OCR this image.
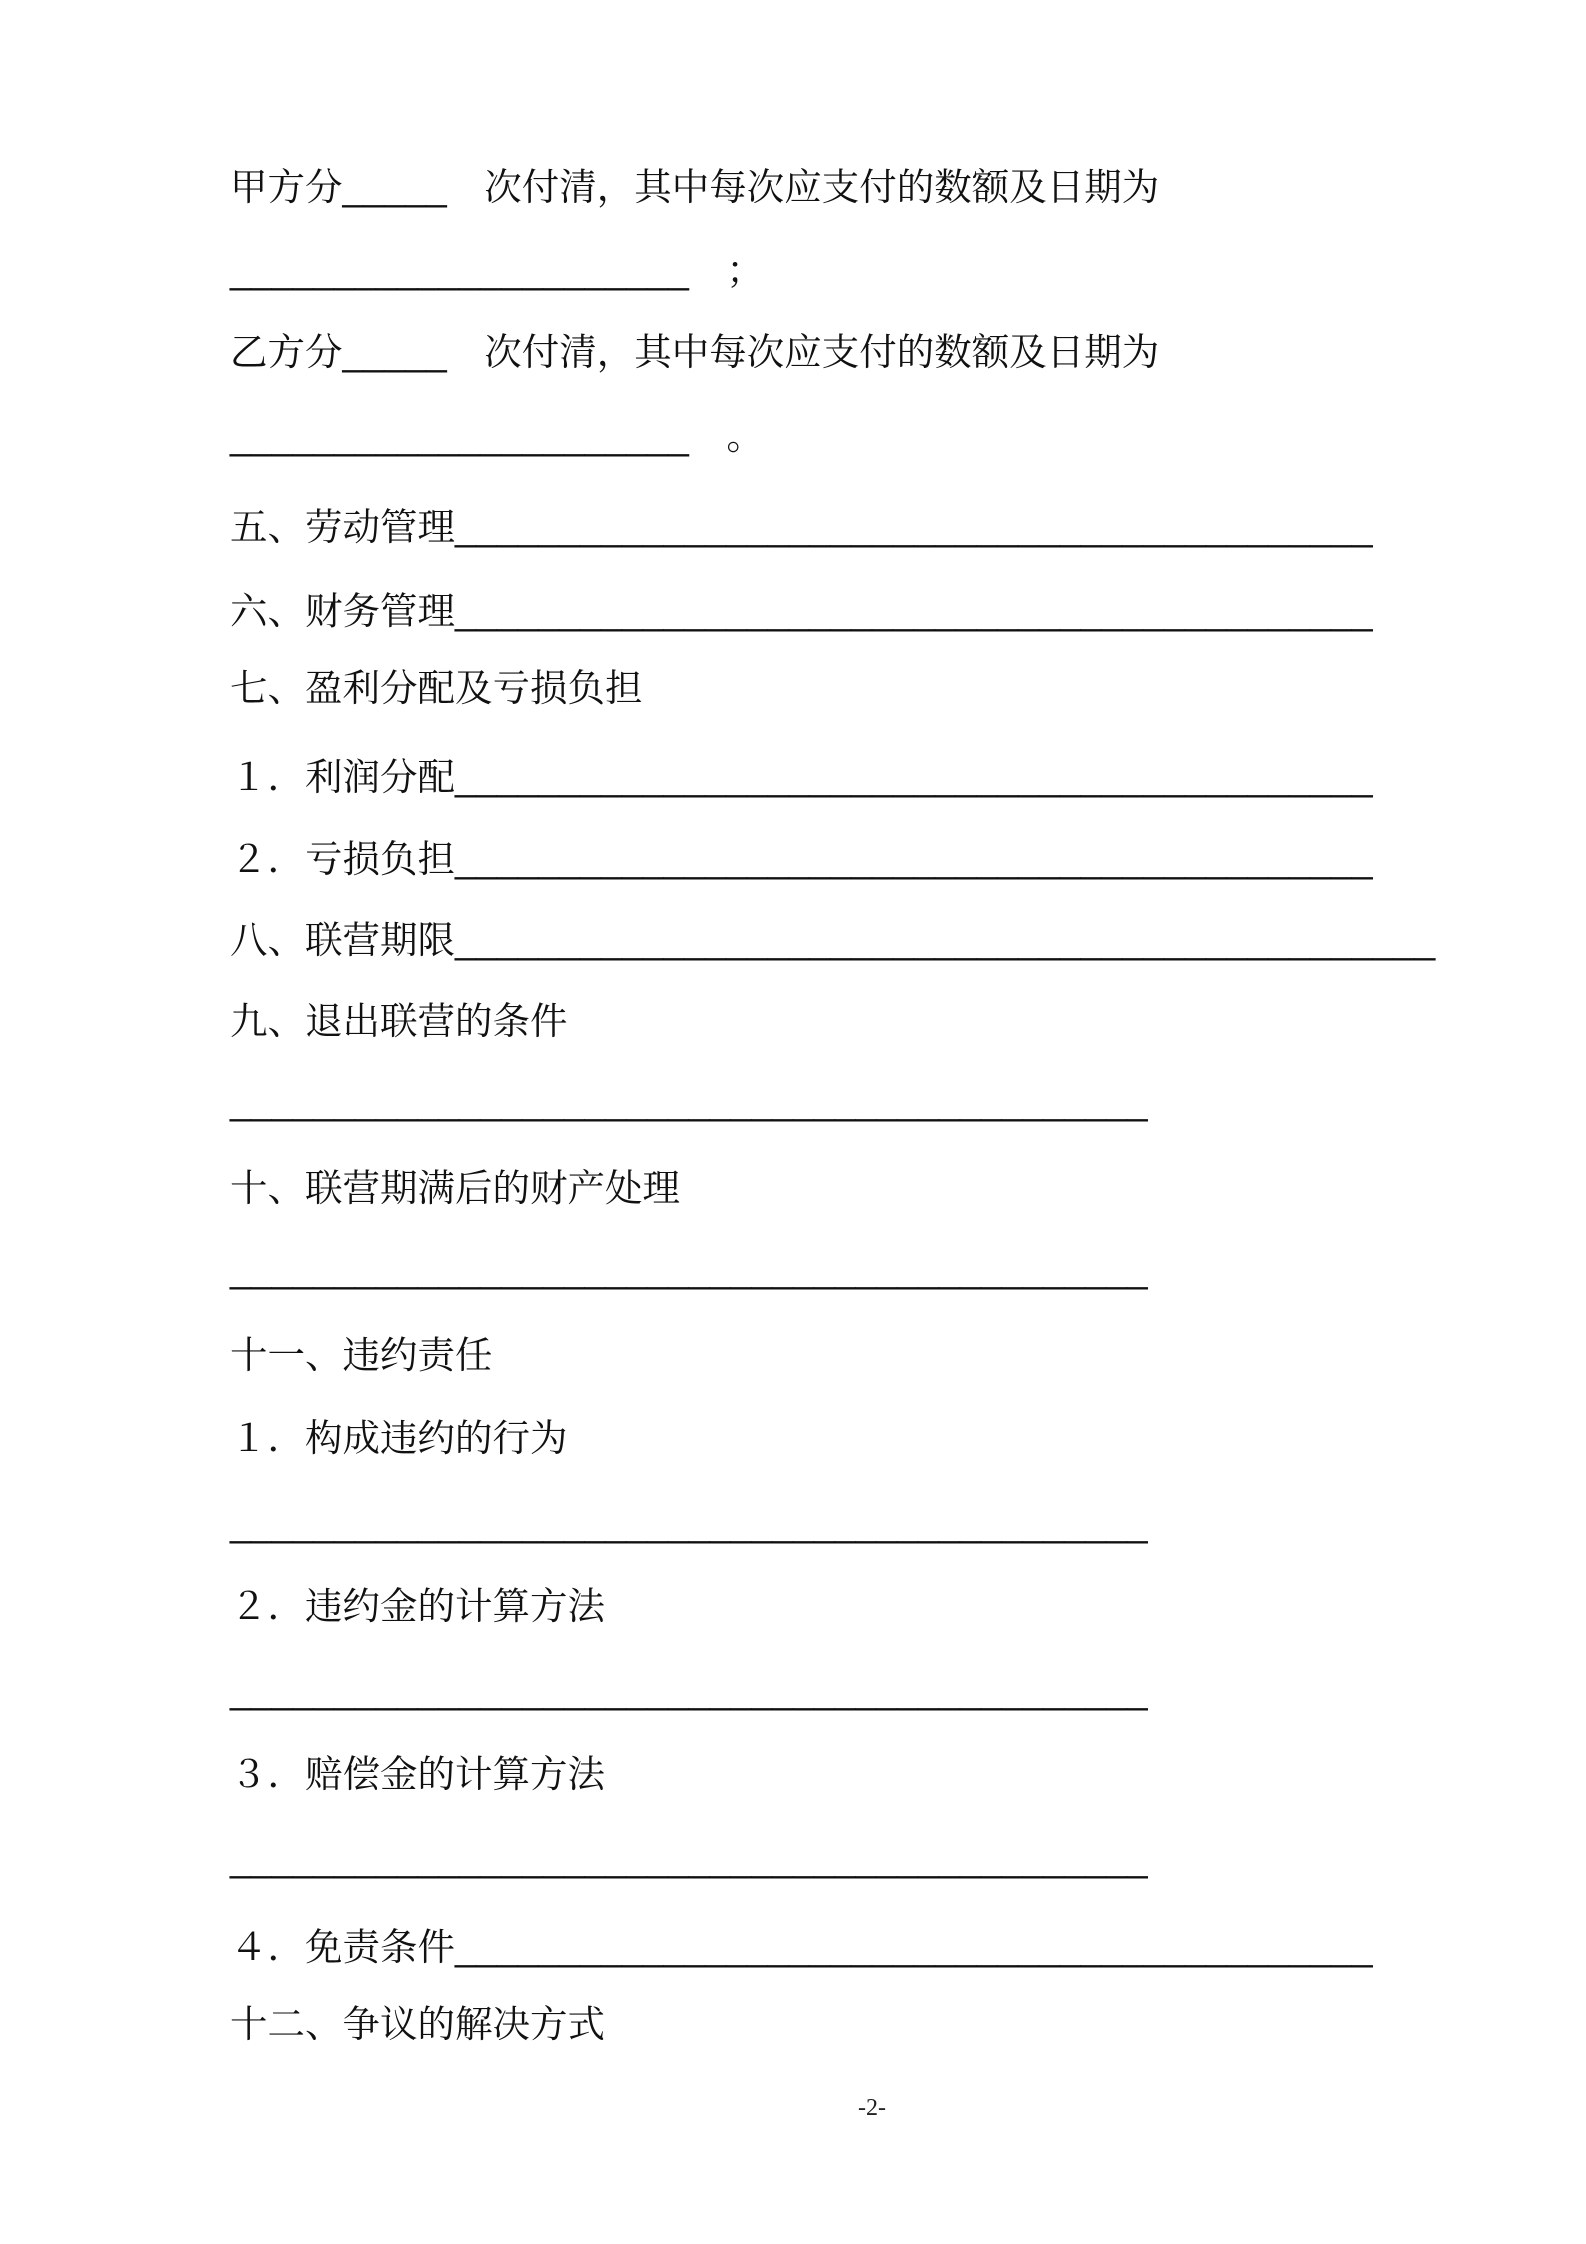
甲方分 _____ 　次付清，其中每次应支付的数额及日期为
______________________ 　；
乙方分 _____ 　次付清，其中每次应支付的数额及日期为
______________________ 　。
五、劳动管理 ____________________________________________
六、财务管理 ____________________________________________
七、盈利分配及亏损负担
１．利润分配 ____________________________________________
２．亏损负担 ____________________________________________
八、联营期限 _______________________________________________
九、退出联营的条件
____________________________________________
十、联营期满后的财产处理
____________________________________________
十一、违约责任
１．构成违约的行为
____________________________________________
２．违约金的计算方法
____________________________________________
３．赔偿金的计算方法
____________________________________________
４．免责条件 ____________________________________________
十二、争议的解决方式
-2-
